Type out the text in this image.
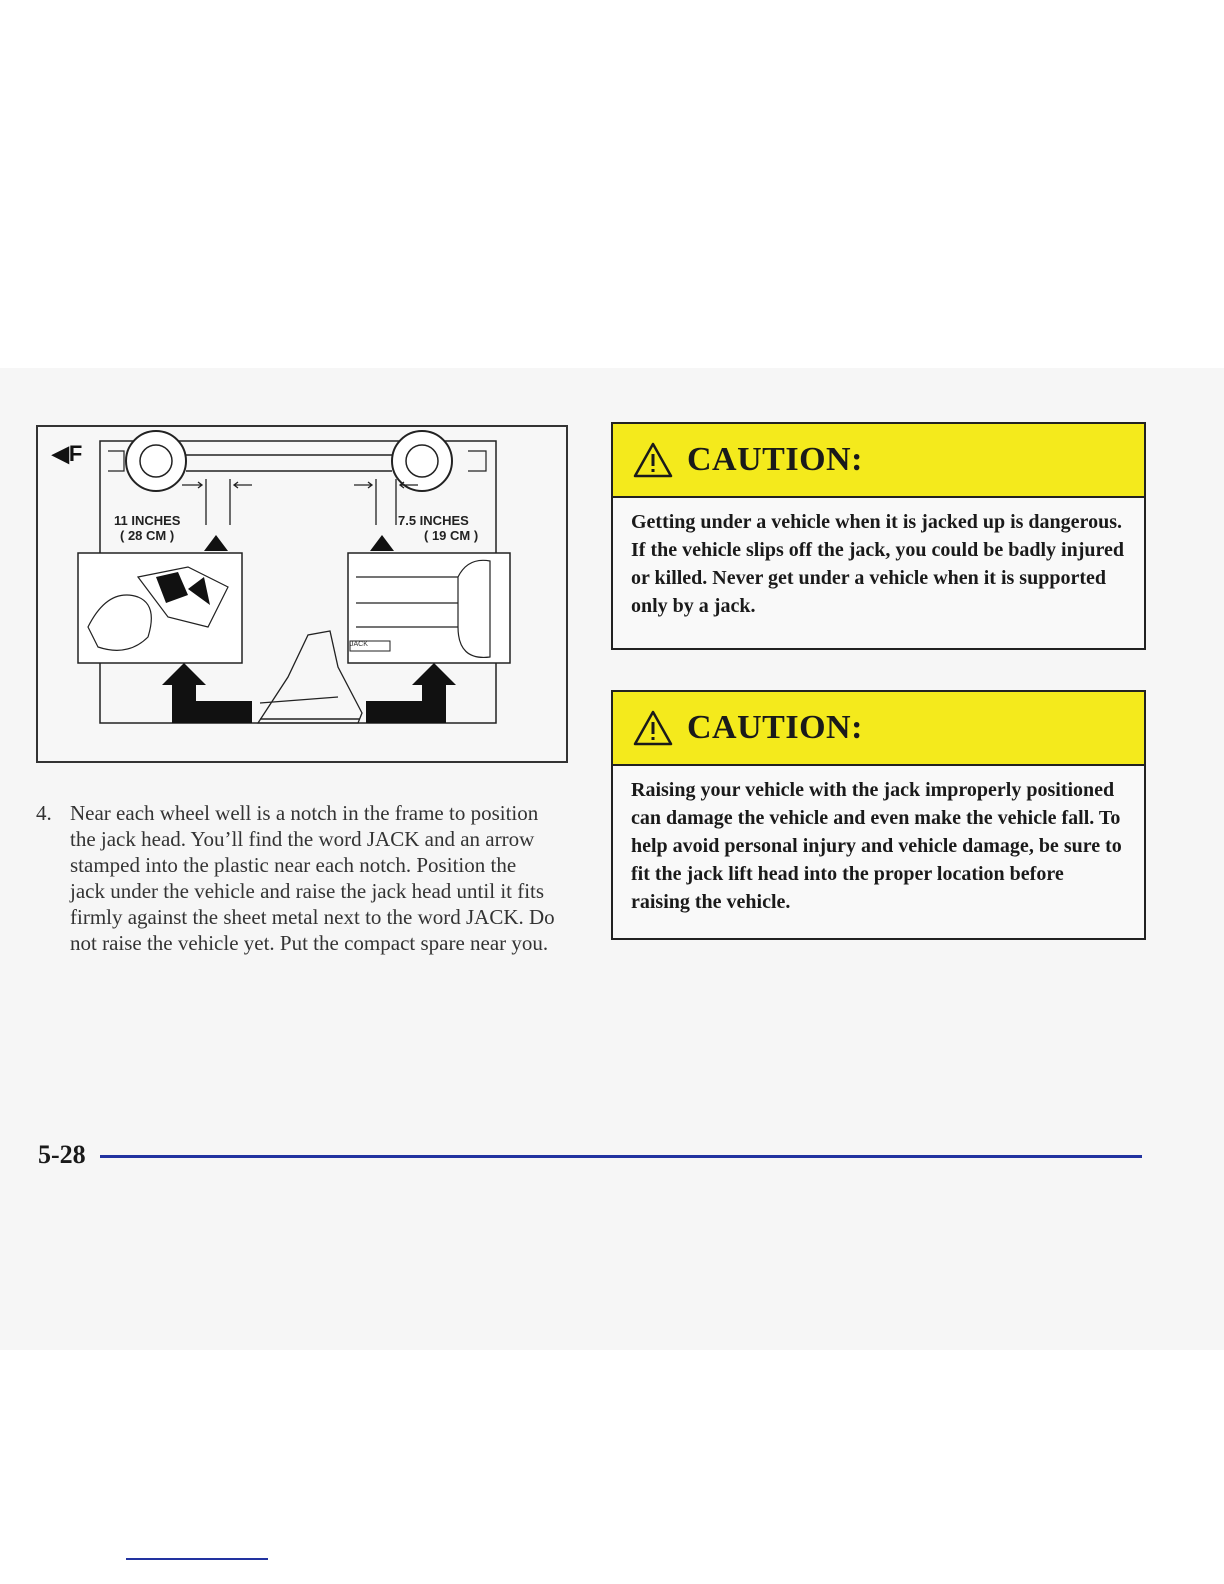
◀F
11 INCHES
( 28 CM )
7.5 INCHES
( 19 CM )
JACK
4. Near each wheel well is a notch in the frame to position the jack head. You’ll find the word JACK and an arrow stamped into the plastic near each notch. Position the jack under the vehicle and raise the jack head until it fits firmly against the sheet metal next to the word JACK. Do not raise the vehicle yet. Put the compact spare near you.
CAUTION:
Getting under a vehicle when it is jacked up is dangerous. If the vehicle slips off the jack, you could be badly injured or killed. Never get under a vehicle when it is supported only by a jack.
CAUTION:
Raising your vehicle with the jack improperly positioned can damage the vehicle and even make the vehicle fall. To help avoid personal injury and vehicle damage, be sure to fit the jack lift head into the proper location before raising the vehicle.
5-28
